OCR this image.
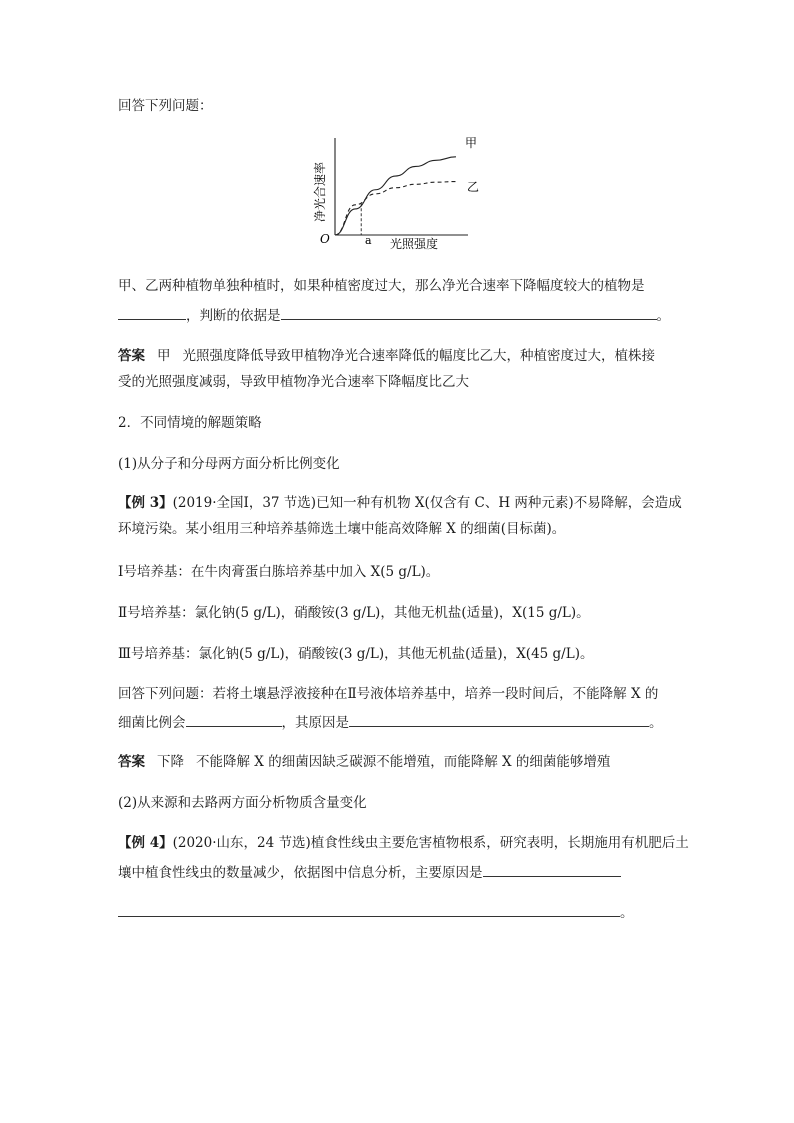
回答下列问题：
净光合速率
光照强度
O	a
甲
乙
甲、乙两种植物单独种植时，如果种植密度过大，那么净光合速率下降幅度较大的植物是
，判断的依据是	。
答案 甲 光照强度降低导致甲植物净光合速率降低的幅度比乙大，种植密度过大，植株接
受的光照强度减弱，导致甲植物净光合速率下降幅度比乙大
2．不同情境的解题策略
(1)从分子和分母两方面分析比例变化
【例 3】(2019·全国Ⅰ，37 节选)已知一种有机物 X(仅含有 C、H 两种元素)不易降解，会造成
环境污染。某小组用三种培养基筛选土壤中能高效降解 X 的细菌(目标菌)。
Ⅰ号培养基：在牛肉膏蛋白胨培养基中加入 X(5 g/L)。
Ⅱ号培养基：氯化钠(5 g/L)，硝酸铵(3 g/L)，其他无机盐(适量)，X(15 g/L)。
Ⅲ号培养基：氯化钠(5 g/L)，硝酸铵(3 g/L)，其他无机盐(适量)，X(45 g/L)。
回答下列问题：若将土壤悬浮液接种在Ⅱ号液体培养基中，培养一段时间后，不能降解 X 的
细菌比例会	，其原因是	。
答案 下降 不能降解 X 的细菌因缺乏碳源不能增殖，而能降解 X 的细菌能够增殖
(2)从来源和去路两方面分析物质含量变化
【例 4】(2020·山东，24 节选)植食性线虫主要危害植物根系，研究表明，长期施用有机肥后土
壤中植食性线虫的数量减少，依据图中信息分析，主要原因是
。
